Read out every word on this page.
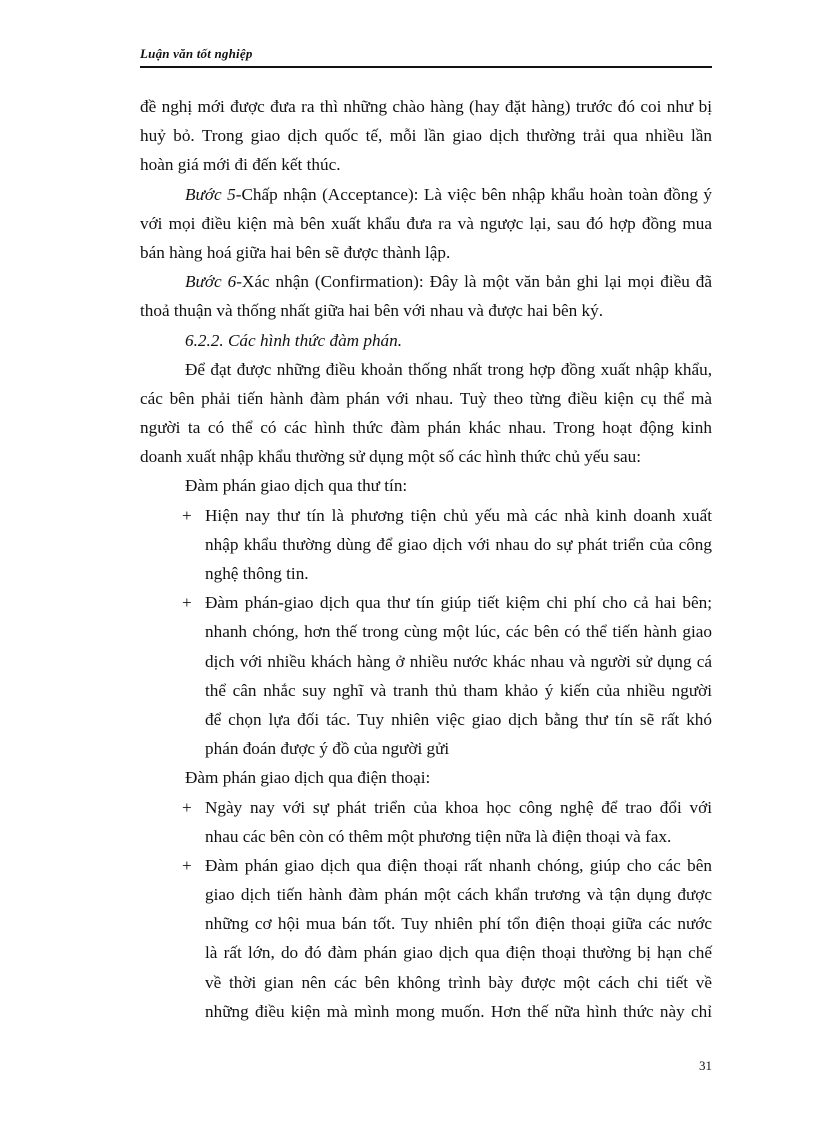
Luận văn tốt nghiệp
đề nghị mới được đưa ra thì những chào hàng (hay đặt hàng) trước đó coi như bị
huỷ bỏ. Trong giao dịch quốc tế, mỗi lần giao dịch thường trải qua nhiều lần
hoàn giá mới đi đến kết thúc.
Bước 5-Chấp nhận (Acceptance): Là việc bên nhập khẩu hoàn toàn đồng ý
với mọi điều kiện mà bên xuất khẩu đưa ra và ngược lại, sau đó hợp đồng mua
bán hàng hoá giữa hai bên sẽ được thành lập.
Bước 6-Xác nhận (Confirmation): Đây là một văn bản ghi lại mọi điều đã
thoả thuận và thống nhất giữa hai bên với nhau và được hai bên ký.
6.2.2. Các hình thức đàm phán.
Để đạt được những điều khoản thống nhất trong hợp đồng xuất nhập khẩu,
các bên phải tiến hành đàm phán với nhau. Tuỳ theo từng điều kiện cụ thể mà
người ta có thể có các hình thức đàm phán khác nhau. Trong hoạt động kinh
doanh xuất nhập khẩu thường sử dụng một số các hình thức chủ yếu sau:
Đàm phán giao dịch qua thư tín:
+ Hiện nay thư tín là phương tiện chủ yếu mà các nhà kinh doanh xuất
nhập khẩu thường dùng để giao dịch với nhau do sự phát triển của công
nghệ thông tin.
+ Đàm phán-giao dịch qua thư tín giúp tiết kiệm chi phí cho cả hai bên;
nhanh chóng, hơn thế trong cùng một lúc, các bên có thể tiến hành giao
dịch với nhiều khách hàng ở nhiều nước khác nhau và người sử dụng cá
thể cân nhắc suy nghĩ và tranh thủ tham khảo ý kiến của nhiều người
để chọn lựa đối tác. Tuy nhiên việc giao dịch bằng thư tín sẽ rất khó
phán đoán được ý đồ của người gửi
Đàm phán giao dịch qua điện thoại:
+ Ngày nay với sự phát triển của khoa học công nghệ để trao đổi với
nhau các bên còn có thêm một phương tiện nữa là điện thoại và fax.
+ Đàm phán giao dịch qua điện thoại rất nhanh chóng, giúp cho các bên
giao dịch tiến hành đàm phán một cách khẩn trương và tận dụng được
những cơ hội mua bán tốt. Tuy nhiên phí tổn điện thoại giữa các nước
là rất lớn, do đó đàm phán giao dịch qua điện thoại thường bị hạn chế
về thời gian nên các bên không trình bày được một cách chi tiết về
những điều kiện mà mình mong muốn. Hơn thế nữa hình thức này chỉ
31
